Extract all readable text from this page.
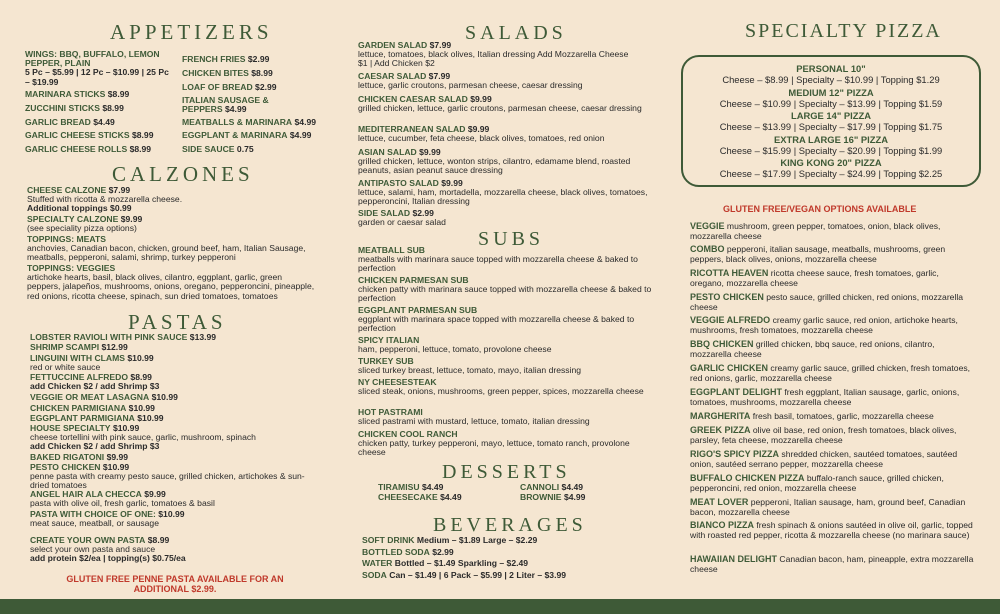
APPETIZERS
WINGS: BBQ, BUFFALO, LEMON PEPPER, PLAIN
5 Pc – $5.99 | 12 Pc – $10.99 | 25 Pc – $19.99
MARINARA STICKS $8.99
ZUCCHINI STICKS $8.99
GARLIC BREAD $4.49
GARLIC CHEESE STICKS $8.99
GARLIC CHEESE ROLLS $8.99
FRENCH FRIES $2.99
CHICKEN BITES $8.99
LOAF OF BREAD $2.99
ITALIAN SAUSAGE & PEPPERS $4.99
MEATBALLS & MARINARA $4.99
EGGPLANT & MARINARA $4.99
SIDE SAUCE 0.75
CALZONES
CHEESE CALZONE $7.99
Stuffed with ricotta & mozzarella cheese.
Additional toppings $0.99
SPECIALTY CALZONE $9.99
(see speciality pizza options)
TOPPINGS: MEATS
anchovies, Canadian bacon, chicken, ground beef, ham, Italian Sausage, meatballs, pepperoni, salami, shrimp, turkey pepperoni
TOPPINGS: VEGGIES
artichoke hearts, basil, black olives, cilantro, eggplant, garlic, green peppers, jalapeños, mushrooms, onions, oregano, pepperoncini, pineapple, red onions, ricotta cheese, spinach, sun dried tomatoes, tomatoes
PASTAS
LOBSTER RAVIOLI WITH PINK SAUCE $13.99
SHRIMP SCAMPI $12.99
LINGUINI WITH CLAMS $10.99
red or white sauce
FETTUCCINE ALFREDO $8.99
add Chicken $2 / add Shrimp $3
VEGGIE OR MEAT LASAGNA $10.99
CHICKEN PARMIGIANA $10.99
EGGPLANT PARMIGIANA $10.99
HOUSE SPECIALTY $10.99
cheese tortellini with pink sauce, garlic, mushroom, spinach
add Chicken $2 / add Shrimp $3
BAKED RIGATONI $9.99
PESTO CHICKEN $10.99
penne pasta with creamy pesto sauce, grilled chicken, artichokes & sun-dried tomatoes
ANGEL HAIR ALA CHECCA $9.99
pasta with olive oil, fresh garlic, tomatoes & basil
PASTA WITH CHOICE OF ONE: $10.99
meat sauce, meatball, or sausage
CREATE YOUR OWN PASTA $8.99
select your own pasta and sauce
add protein $2/ea | topping(s) $0.75/ea
GLUTEN FREE PENNE PASTA AVAILABLE FOR AN ADDITIONAL $2.99.
SALADS
GARDEN SALAD $7.99
lettuce, tomatoes, black olives, Italian dressing Add Mozzarella Cheese $1 | Add Chicken $2
CAESAR SALAD $7.99
lettuce, garlic croutons, parmesan cheese, caesar dressing
CHICKEN CAESAR SALAD $9.99
grilled chicken, lettuce, garlic croutons, parmesan cheese, caesar dressing
MEDITERRANEAN SALAD $9.99
lettuce, cucumber, feta cheese, black olives, tomatoes, red onion
ASIAN SALAD $9.99
grilled chicken, lettuce, wonton strips, cilantro, edamame blend, roasted peanuts, asian peanut sauce dressing
ANTIPASTO SALAD $9.99
lettuce, salami, ham, mortadella, mozzarella cheese, black olives, tomatoes, pepperoncini, Italian dressing
SIDE SALAD $2.99
garden or caesar salad
SUBS
MEATBALL SUB
meatballs with marinara sauce topped with mozzarella cheese & baked to perfection
CHICKEN PARMESAN SUB
chicken patty with marinara sauce topped with mozzarella cheese & baked to perfection
EGGPLANT PARMESAN SUB
eggplant with marinara space topped with mozzarella cheese & baked to perfection
SPICY ITALIAN
ham, pepperoni, lettuce, tomato, provolone cheese
TURKEY SUB
sliced turkey breast, lettuce, tomato, mayo, italian dressing
NY CHEESESTEAK
sliced steak, onions, mushrooms, green pepper, spices, mozzarella cheese
HOT PASTRAMI
sliced pastrami with mustard, lettuce, tomato, italian dressing
CHICKEN COOL RANCH
chicken patty, turkey pepperoni, mayo, lettuce, tomato ranch, provolone cheese
DESSERTS
TIRAMISU $4.49	CANNOLI $4.49
CHEESECAKE $4.49	BROWNIE $4.99
BEVERAGES
SOFT DRINK Medium – $1.89 Large – $2.29
BOTTLED SODA $2.99
WATER Bottled – $1.49 Sparkling – $2.49
SODA Can – $1.49 | 6 Pack – $5.99 | 2 Liter – $3.99
SPECIALTY PIZZA
PERSONAL 10"
Cheese – $8.99 | Specialty – $10.99 | Topping $1.29
MEDIUM 12" PIZZA
Cheese – $10.99 | Specialty – $13.99 | Topping $1.59
LARGE 14" PIZZA
Cheese – $13.99 | Specialty – $17.99 | Topping $1.75
EXTRA LARGE 16" PIZZA
Cheese – $15.99 | Specialty – $20.99 | Topping $1.99
KING KONG 20" PIZZA
Cheese – $17.99 | Specialty – $24.99 | Topping $2.25
GLUTEN FREE/VEGAN OPTIONS AVAILABLE
VEGGIE mushroom, green pepper, tomatoes, onion, black olives, mozzarella cheese
COMBO pepperoni, italian sausage, meatballs, mushrooms, green peppers, black olives, onions, mozzarella cheese
RICOTTA HEAVEN ricotta cheese sauce, fresh tomatoes, garlic, oregano, mozzarella cheese
PESTO CHICKEN pesto sauce, grilled chicken, red onions, mozzarella cheese
VEGGIE ALFREDO creamy garlic sauce, red onion, artichoke hearts, mushrooms, fresh tomatoes, mozzarella cheese
BBQ CHICKEN grilled chicken, bbq sauce, red onions, cilantro, mozzarella cheese
GARLIC CHICKEN creamy garlic sauce, grilled chicken, fresh tomatoes, red onions, garlic, mozzarella cheese
EGGPLANT DELIGHT fresh eggplant, Italian sausage, garlic, onions, tomatoes, mushrooms, mozzarella cheese
MARGHERITA fresh basil, tomatoes, garlic, mozzarella cheese
GREEK PIZZA olive oil base, red onion, fresh tomatoes, black olives, parsley, feta cheese, mozzarella cheese
RIGO'S SPICY PIZZA shredded chicken, sautéed tomatoes, sautéed onion, sautéed serrano pepper, mozzarella cheese
BUFFALO CHICKEN PIZZA buffalo-ranch sauce, grilled chicken, pepperoncini, red onion, mozzarella cheese
MEAT LOVER pepperoni, Italian sausage, ham, ground beef, Canadian bacon, mozzarella cheese
BIANCO PIZZA fresh spinach & onions sautéed in olive oil, garlic, topped with roasted red pepper, ricotta & mozzarella cheese (no marinara sauce)
HAWAIIAN DELIGHT Canadian bacon, ham, pineapple, extra mozzarella cheese
